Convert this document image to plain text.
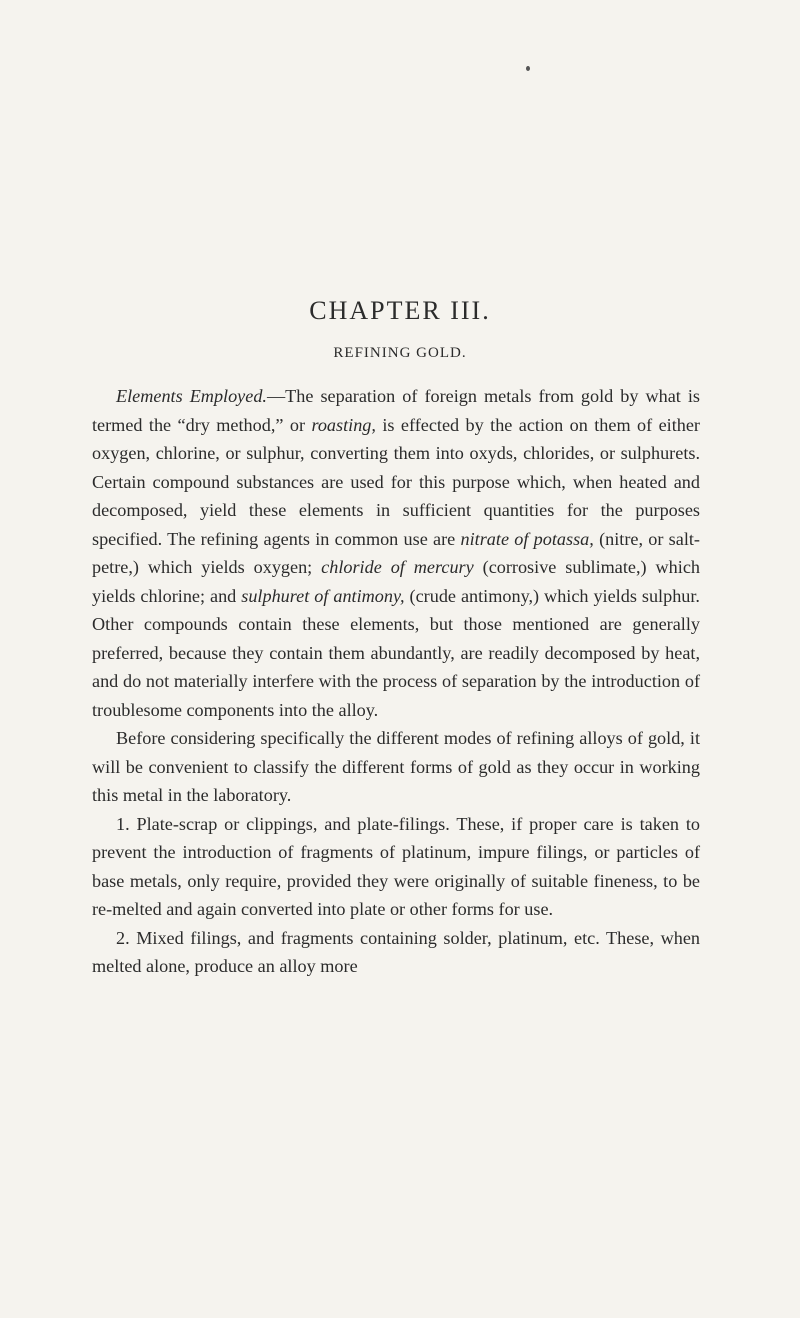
CHAPTER III.
REFINING GOLD.

Elements Employed.—The separation of foreign metals from gold by what is termed the “dry method,” or roasting, is effected by the action on them of either oxygen, chlorine, or sulphur, converting them into oxyds, chlorides, or sulphurets. Certain compound substances are used for this purpose which, when heated and decomposed, yield these elements in sufficient quantities for the purposes specified. The refining agents in common use are nitrate of potassa, (nitre, or salt-petre,) which yields oxygen; chloride of mercury (corrosive sublimate,) which yields chlorine; and sulphuret of antimony, (crude antimony,) which yields sulphur. Other compounds contain these elements, but those mentioned are generally preferred, because they contain them abundantly, are readily decomposed by heat, and do not materially interfere with the process of separation by the introduction of troublesome components into the alloy.

Before considering specifically the different modes of refining alloys of gold, it will be convenient to classify the different forms of gold as they occur in working this metal in the laboratory.

1. Plate-scrap or clippings, and plate-filings. These, if proper care is taken to prevent the introduction of fragments of platinum, impure filings, or particles of base metals, only require, provided they were originally of suitable fineness, to be re-melted and again converted into plate or other forms for use.

2. Mixed filings, and fragments containing solder, platinum, etc. These, when melted alone, produce an alloy more
